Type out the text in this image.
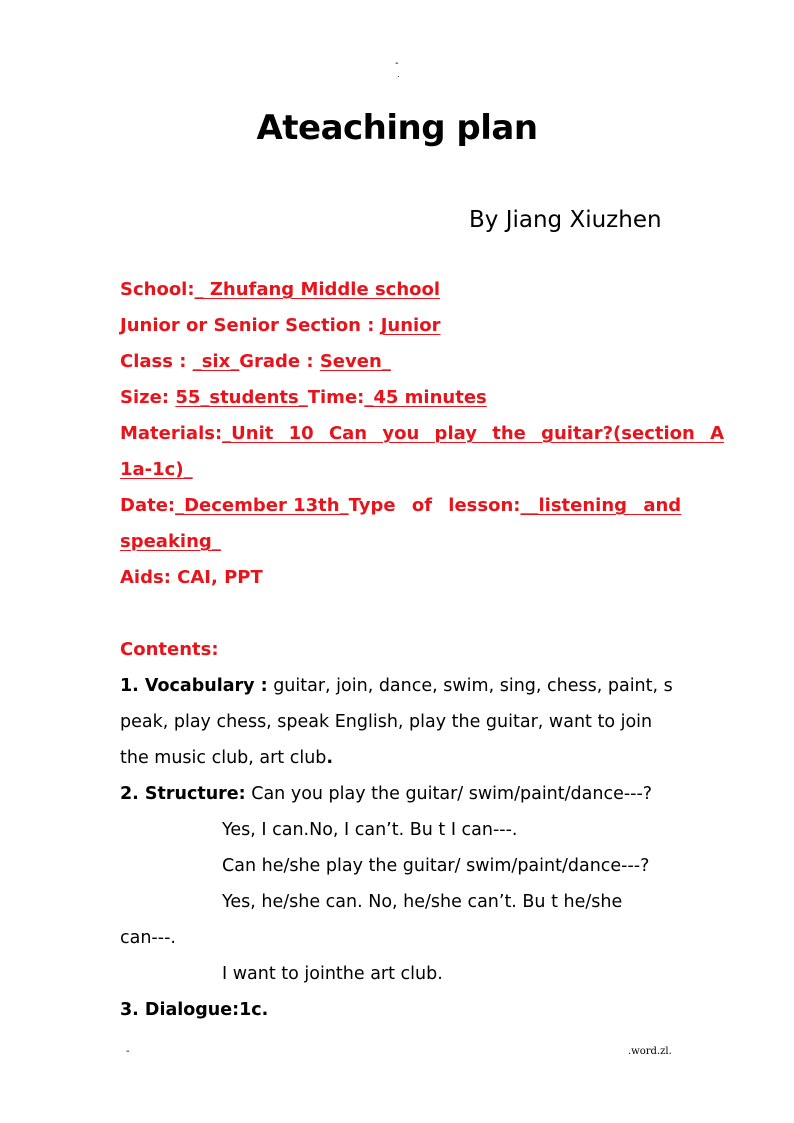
-
.
Ateaching plan
By Jiang Xiuzhen
School:_ Zhufang Middle school
Junior or Senior Section : Junior
Class : _six_Grade : Seven_
Size: 55_students_Time:_45 minutes
Materials: _Unit 10 Can you play the guitar?(section A
1a-1c)_
Date: _December 13th_ Type of lesson: __listening and
speaking_
Aids: CAI, PPT
Contents:
1. Vocabulary : guitar, join, dance, swim, sing, chess, paint, s
peak, play chess, speak English, play the guitar, want to join
the music club, art club.
2. Structure: Can you play the guitar/ swim/paint/dance---?
Yes, I can.No, I can’t. Bu t I can---.
Can he/she play the guitar/ swim/paint/dance---?
Yes, he/she can. No, he/she can’t. Bu t he/she
can---.
I want to jointhe art club.
3. Dialogue:1c.
-	.word.zl.
